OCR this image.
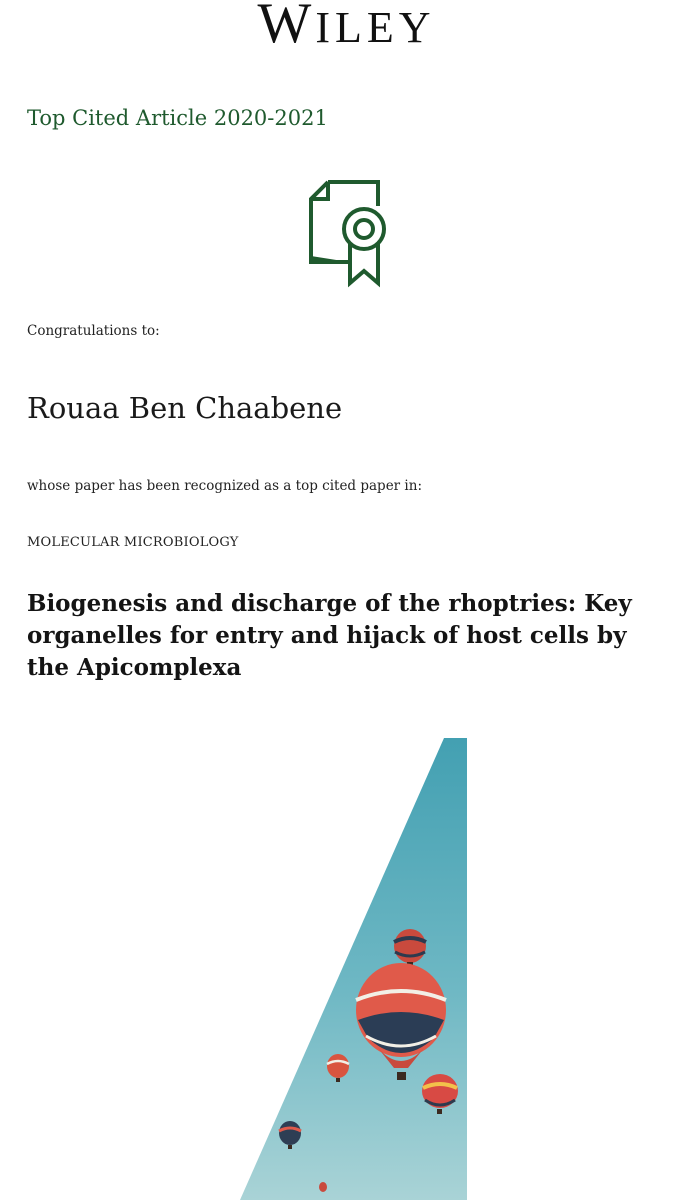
WILEY
Top Cited Article 2020-2021
Congratulations to:
Rouaa Ben Chaabene
whose paper has been recognized as a top cited paper in:
MOLECULAR MICROBIOLOGY
Biogenesis and discharge of the rhoptries: Key organelles for entry and hijack of host cells by the Apicomplexa
